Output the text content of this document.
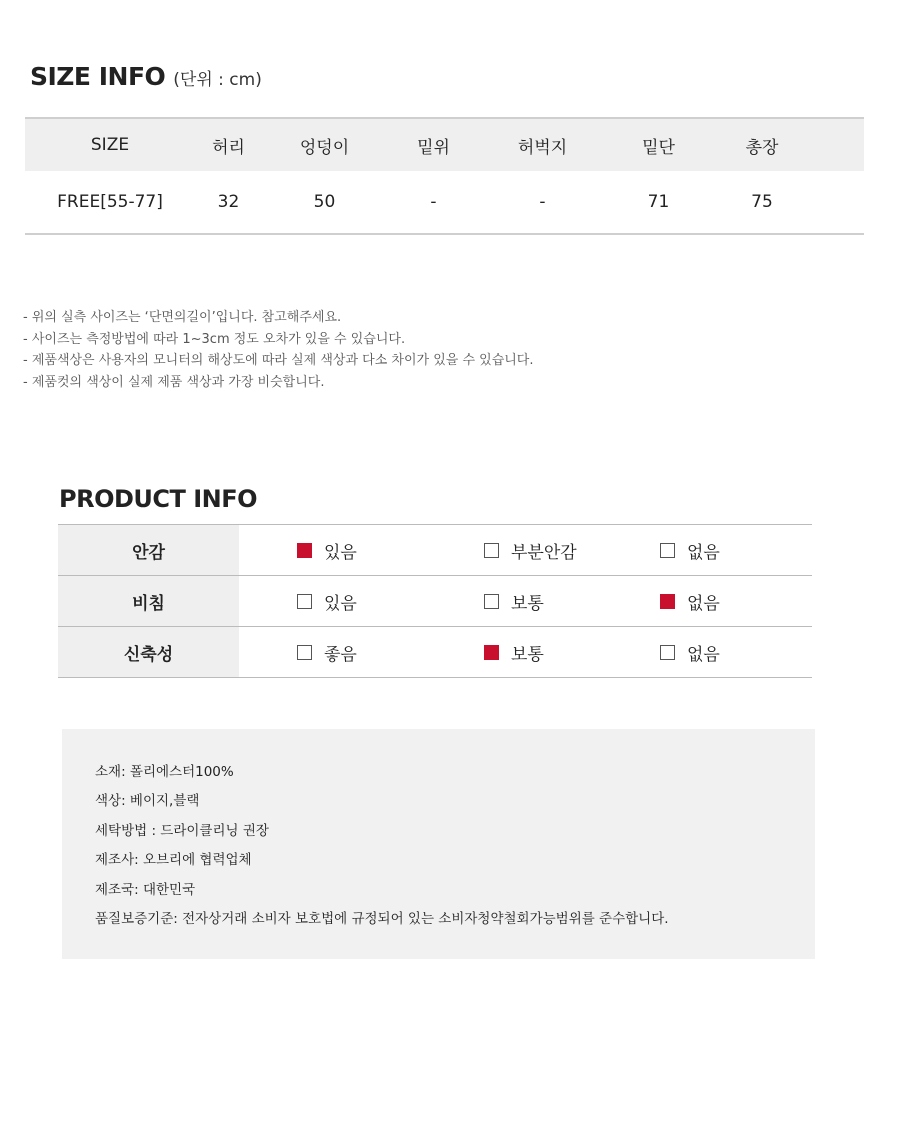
SIZE INFO (단위 : cm)
SIZE	허리	엉덩이	밑위	허벅지	밑단	총장
FREE[55-77]	32	50	-	-	71	75
- 위의 실측 사이즈는 ‘단면의길이’입니다. 참고해주세요.
- 사이즈는 측정방법에 따라 1~3cm 정도 오차가 있을 수 있습니다.
- 제품색상은 사용자의 모니터의 해상도에 따라 실제 색상과 다소 차이가 있을 수 있습니다.
- 제품컷의 색상이 실제 제품 색상과 가장 비슷합니다.
PRODUCT INFO
안감	있음	부분안감	없음
비침	있음	보통	없음
신축성	좋음	보통	없음
소재: 폴리에스터100%
색상: 베이지,블랙
세탁방법 : 드라이클리닝 권장
제조사: 오브리에 협력업체
제조국: 대한민국
품질보증기준: 전자상거래 소비자 보호법에 규정되어 있는 소비자청약철회가능범위를 준수합니다.
